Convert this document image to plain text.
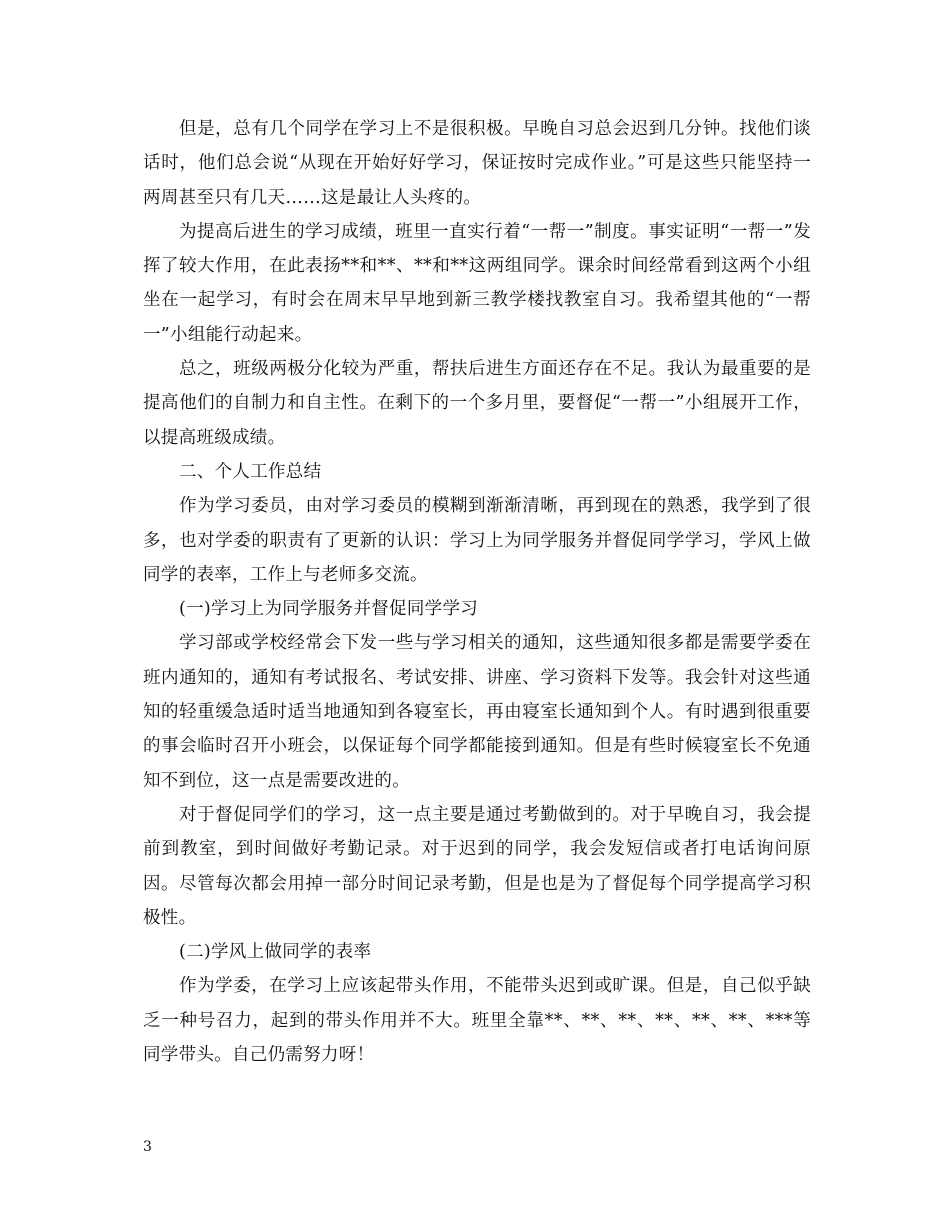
但是，总有几个同学在学习上不是很积极。早晚自习总会迟到几分钟。找他们谈话时，他们总会说“从现在开始好好学习，保证按时完成作业。”可是这些只能坚持一两周甚至只有几天……这是最让人头疼的。

为提高后进生的学习成绩，班里一直实行着“一帮一”制度。事实证明“一帮一”发挥了较大作用，在此表扬**和**、**和**这两组同学。课余时间经常看到这两个小组坐在一起学习，有时会在周末早早地到新三教学楼找教室自习。我希望其他的“一帮一”小组能行动起来。

总之，班级两极分化较为严重，帮扶后进生方面还存在不足。我认为最重要的是提高他们的自制力和自主性。在剩下的一个多月里，要督促“一帮一”小组展开工作，以提高班级成绩。

二、个人工作总结

作为学习委员，由对学习委员的模糊到渐渐清晰，再到现在的熟悉，我学到了很多，也对学委的职责有了更新的认识：学习上为同学服务并督促同学学习，学风上做同学的表率，工作上与老师多交流。

(一)学习上为同学服务并督促同学学习

学习部或学校经常会下发一些与学习相关的通知，这些通知很多都是需要学委在班内通知的，通知有考试报名、考试安排、讲座、学习资料下发等。我会针对这些通知的轻重缓急适时适当地通知到各寝室长，再由寝室长通知到个人。有时遇到很重要的事会临时召开小班会，以保证每个同学都能接到通知。但是有些时候寝室长不免通知不到位，这一点是需要改进的。

对于督促同学们的学习，这一点主要是通过考勤做到的。对于早晚自习，我会提前到教室，到时间做好考勤记录。对于迟到的同学，我会发短信或者打电话询问原因。尽管每次都会用掉一部分时间记录考勤，但是也是为了督促每个同学提高学习积极性。

(二)学风上做同学的表率

作为学委，在学习上应该起带头作用，不能带头迟到或旷课。但是，自己似乎缺乏一种号召力，起到的带头作用并不大。班里全靠**、**、**、**、**、**、***等同学带头。自己仍需努力呀！

3
